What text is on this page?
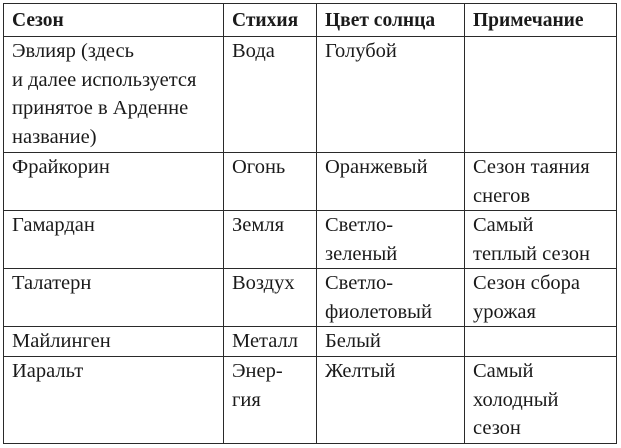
Сезон	Стихия	Цвет солнца	Примечание

Эвлияр (здесь
и далее используется
принятое в Арденне
название)	Вода	Голубой	

Фрайкорин	Огонь	Оранжевый	Сезон таяния
снегов

Гамардан	Земля	Светло-
зеленый	Самый
теплый сезон

Талатерн	Воздух	Светло-
фиолетовый	Сезон сбора
урожая

Майлинген	Металл	Белый	

Иаральт	Энер-
гия	Желтый	Самый
холодный
сезон
